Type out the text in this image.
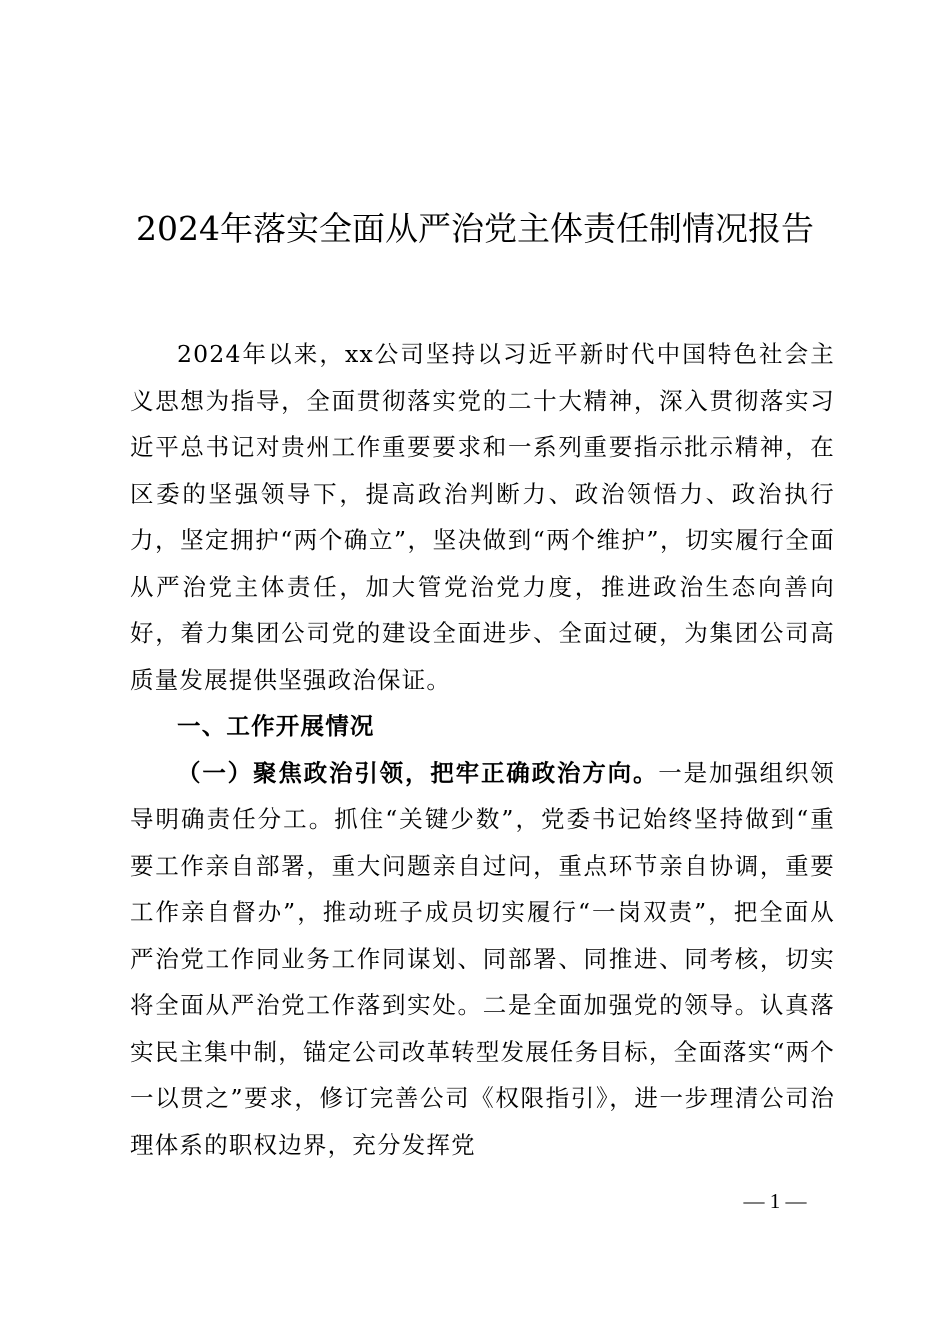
2024年落实全面从严治党主体责任制情况报告

2024年以来，xx公司坚持以习近平新时代中国特色社会主义思想为指导，全面贯彻落实党的二十大精神，深入贯彻落实习近平总书记对贵州工作重要要求和一系列重要指示批示精神，在区委的坚强领导下，提高政治判断力、政治领悟力、政治执行力，坚定拥护“两个确立”，坚决做到“两个维护”，切实履行全面从严治党主体责任，加大管党治党力度，推进政治生态向善向好，着力集团公司党的建设全面进步、全面过硬，为集团公司高质量发展提供坚强政治保证。

一、工作开展情况

（一）聚焦政治引领，把牢正确政治方向。一是加强组织领导明确责任分工。抓住“关键少数”，党委书记始终坚持做到“重要工作亲自部署，重大问题亲自过问，重点环节亲自协调，重要工作亲自督办”，推动班子成员切实履行“一岗双责”，把全面从严治党工作同业务工作同谋划、同部署、同推进、同考核，切实将全面从严治党工作落到实处。二是全面加强党的领导。认真落实民主集中制，锚定公司改革转型发展任务目标，全面落实“两个一以贯之”要求，修订完善公司《权限指引》，进一步理清公司治理体系的职权边界，充分发挥党

— 1 —
